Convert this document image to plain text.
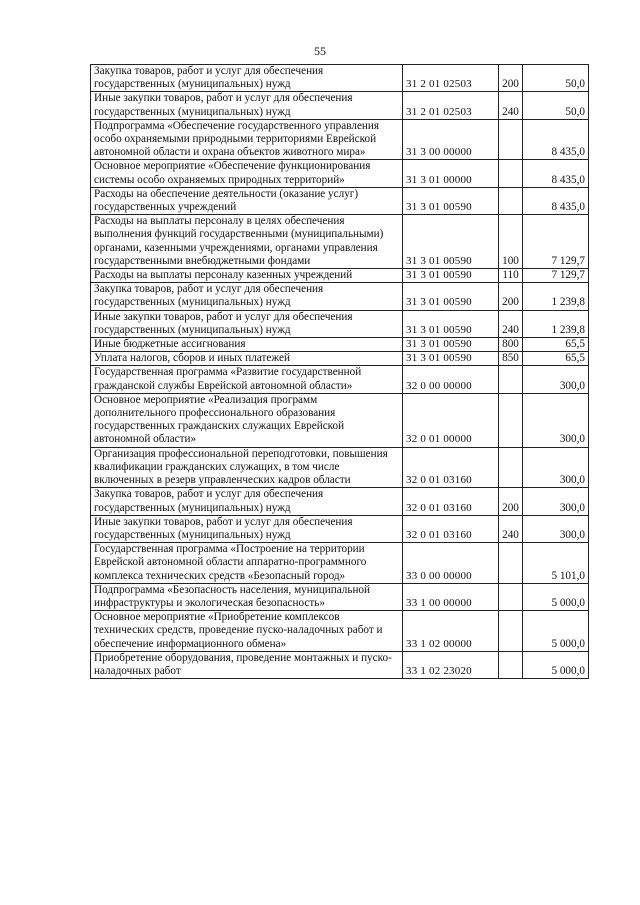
55
Закупка товаров, работ и услуг для обеспечения государственных (муниципальных) нужд	31 2 01 02503	200	50,0
Иные закупки товаров, работ и услуг для обеспечения государственных (муниципальных) нужд	31 2 01 02503	240	50,0
Подпрограмма «Обеспечение государственного управления особо охраняемыми природными территориями Еврейской автономной области и охрана объектов животного мира»	31 3 00 00000		8 435,0
Основное мероприятие «Обеспечение функционирования системы особо охраняемых природных территорий»	31 3 01 00000		8 435,0
Расходы на обеспечение деятельности (оказание услуг) государственных учреждений	31 3 01 00590		8 435,0
Расходы на выплаты персоналу в целях обеспечения выполнения функций государственными (муниципальными) органами, казенными учреждениями, органами управления государственными внебюджетными фондами	31 3 01 00590	100	7 129,7
Расходы на выплаты персоналу казенных учреждений	31 3 01 00590	110	7 129,7
Закупка товаров, работ и услуг для обеспечения государственных (муниципальных) нужд	31 3 01 00590	200	1 239,8
Иные закупки товаров, работ и услуг для обеспечения государственных (муниципальных) нужд	31 3 01 00590	240	1 239,8
Иные бюджетные ассигнования	31 3 01 00590	800	65,5
Уплата налогов, сборов и иных платежей	31 3 01 00590	850	65,5
Государственная программа «Развитие государственной гражданской службы Еврейской автономной области»	32 0 00 00000		300,0
Основное мероприятие «Реализация программ дополнительного профессионального образования государственных гражданских служащих Еврейской автономной области»	32 0 01 00000		300,0
Организация профессиональной переподготовки, повышения квалификации гражданских служащих, в том числе включенных в резерв управленческих кадров области	32 0 01 03160		300,0
Закупка товаров, работ и услуг для обеспечения государственных (муниципальных) нужд	32 0 01 03160	200	300,0
Иные закупки товаров, работ и услуг для обеспечения государственных (муниципальных) нужд	32 0 01 03160	240	300,0
Государственная программа «Построение на территории Еврейской автономной области аппаратно-программного комплекса технических средств «Безопасный город»	33 0 00 00000		5 101,0
Подпрограмма «Безопасность населения, муниципальной инфраструктуры и экологическая безопасность»	33 1 00 00000		5 000,0
Основное мероприятие «Приобретение комплексов технических средств, проведение пуско-наладочных работ и обеспечение информационного обмена»	33 1 02 00000		5 000,0
Приобретение оборудования, проведение монтажных и пуско-наладочных работ	33 1 02 23020		5 000,0
